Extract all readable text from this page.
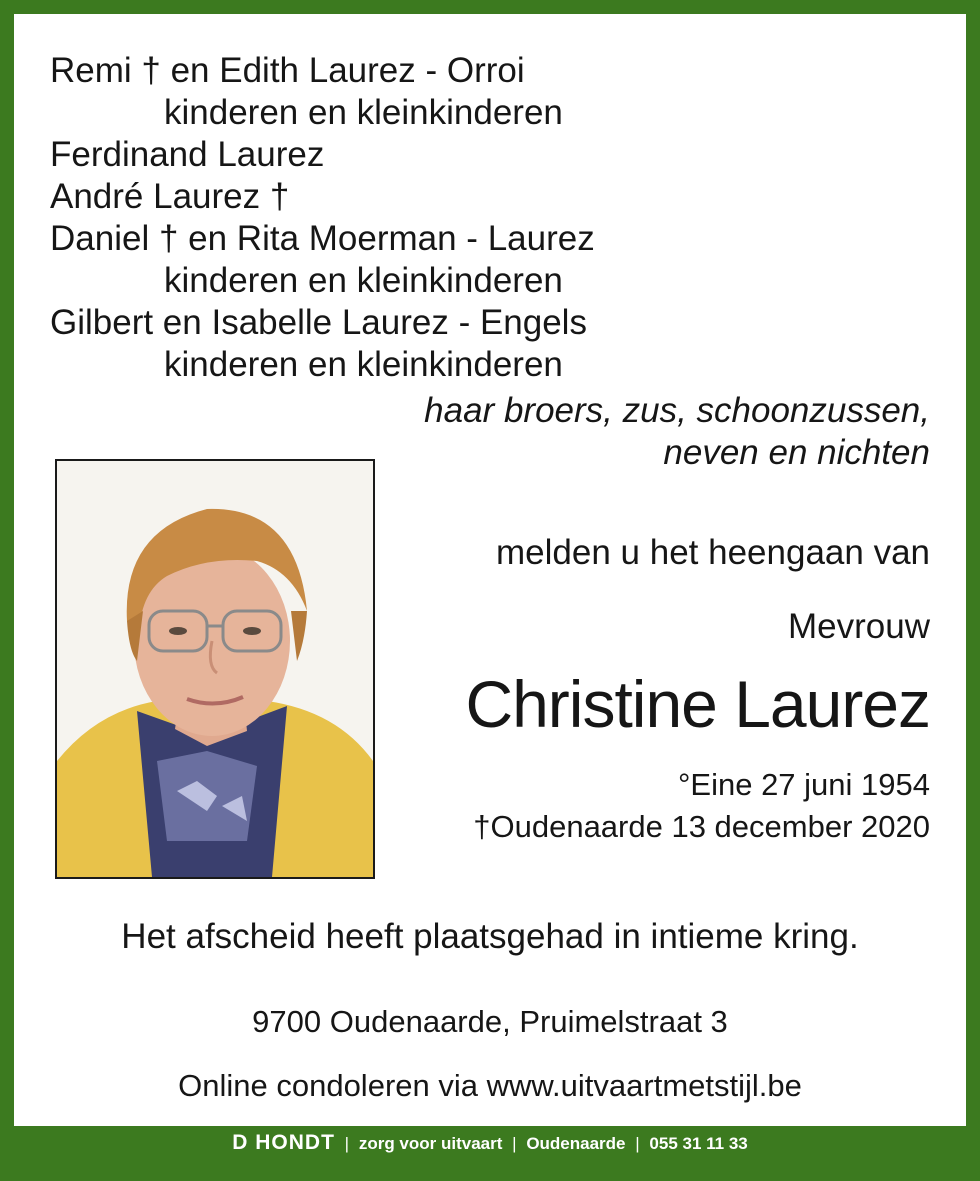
Remi † en Edith Laurez - Orroi
kinderen en kleinkinderen
Ferdinand Laurez
André Laurez †
Daniel † en Rita Moerman - Laurez
kinderen en kleinkinderen
Gilbert en Isabelle Laurez - Engels
kinderen en kleinkinderen
haar broers, zus, schoonzussen,
neven en nichten
melden u het heengaan van
Mevrouw
Christine Laurez
°Eine 27 juni 1954
†Oudenaarde 13 december 2020
Het afscheid heeft plaatsgehad in intieme kring.
9700 Oudenaarde, Pruimelstraat 3
Online condoleren via www.uitvaartmetstijl.be
D HONDT | zorg voor uitvaart | Oudenaarde | 055 31 11 33
